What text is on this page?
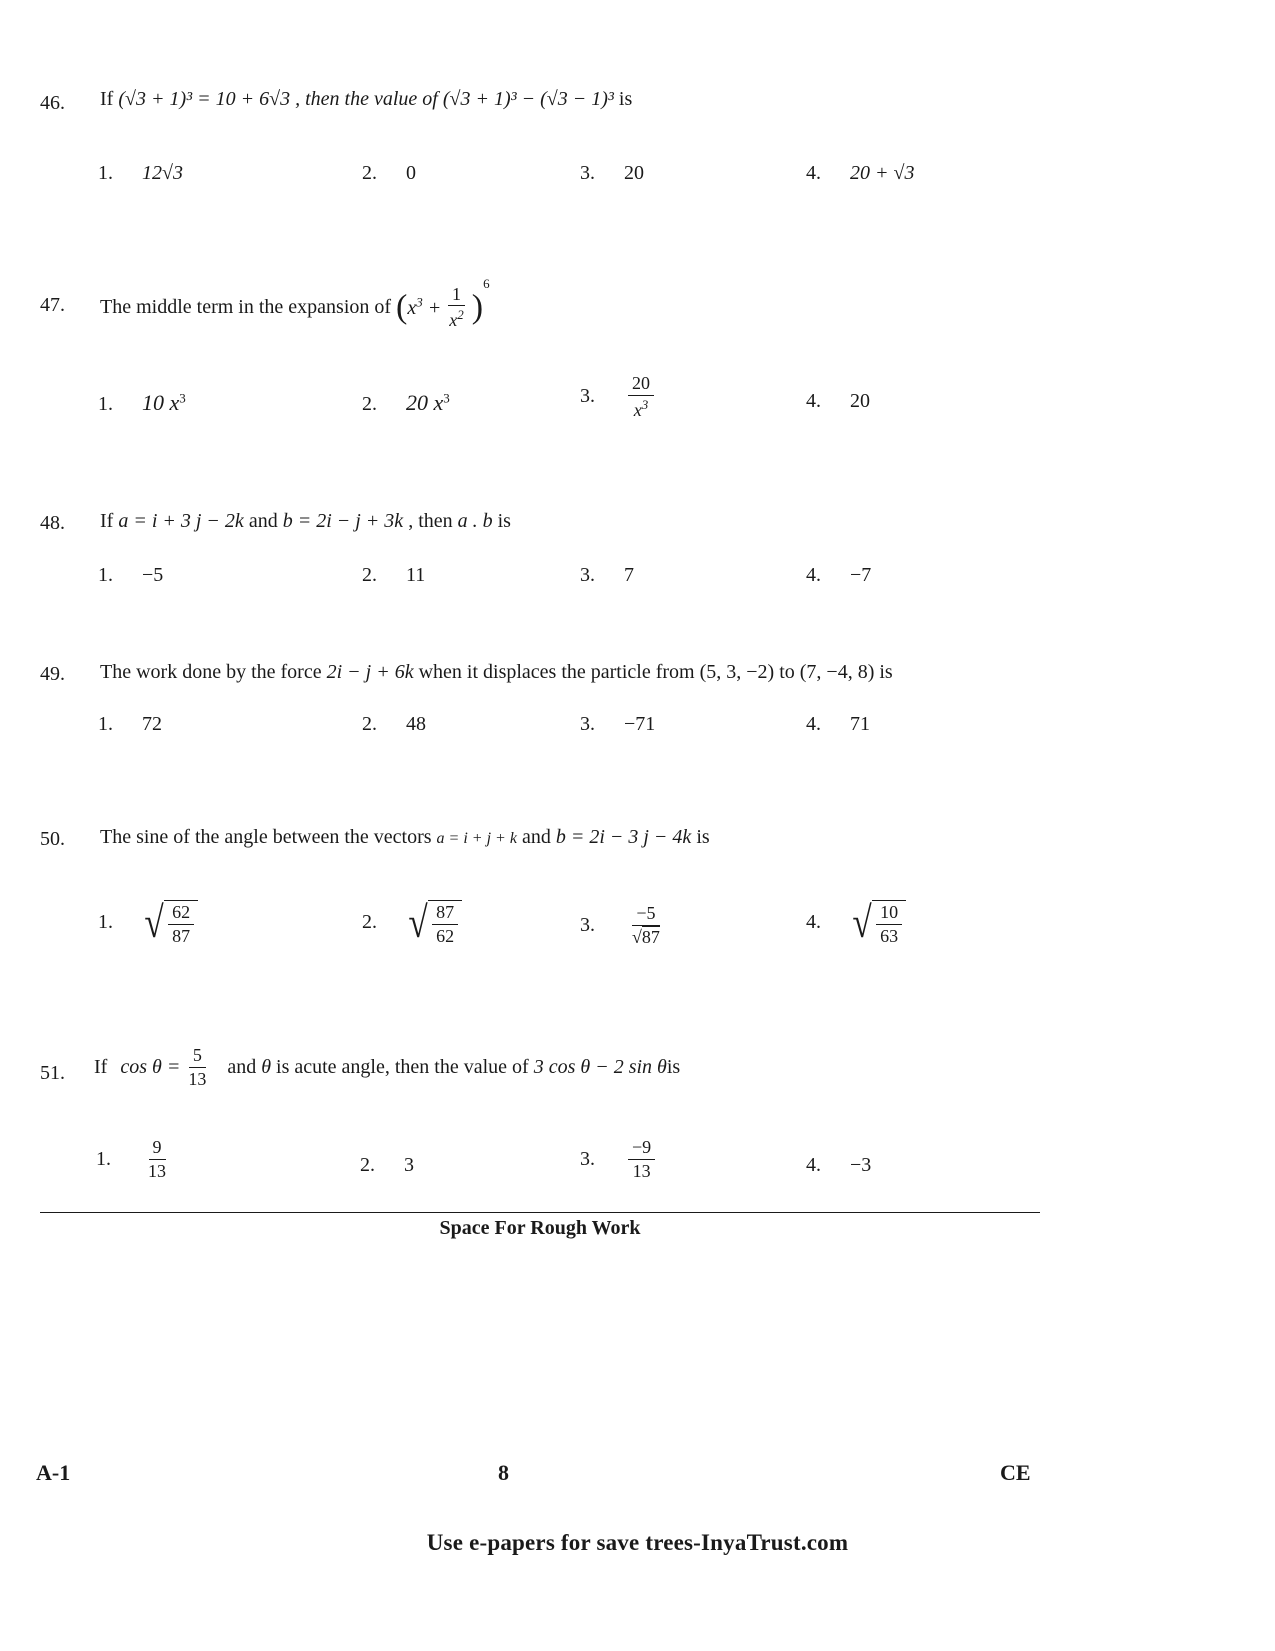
46.	If (√3 + 1)³ = 10 + 6√3 , then the value of (√3 + 1)³ − (√3 − 1)³ is
1. 12√3	2. 0	3. 20	4. 20 + √3
47.	The middle term in the expansion of $(x^3 + \frac{1}{x^2} )^6$
1. 10 $x^3$	2. 20 $x^3$	3. $\frac{20}{x^3}$	4. 20
48.	If a = i + 3 j − 2k and b = 2i − j + 3k , then a . b is
1. −5	2. 11	3. 7	4. −7
49.	The work done by the force 2i − j + 6k when it displaces the particle from (5, 3, −2) to (7, −4, 8) is
1. 72	2. 48	3. −71	4. 71
50.	The sine of the angle between the vectors a = i + j + k and b = 2i − 3 j − 4k is
1. √ $\frac{62}{87}$	2. √ $\frac{87}{62}$	3. $\frac{-5}{√87}$	4. √ $\frac{10}{63}$
51.	If $\cos \theta = \frac{5}{13}$ and θ is acute angle, then the value of 3 cos θ − 2 sin θis
1. $\frac{9}{13}$	2. 3	3. $\frac{-9}{13}$	4. −3
Space For Rough Work
A-1	8	CE
Use e-papers for save trees-InyaTrust.com
